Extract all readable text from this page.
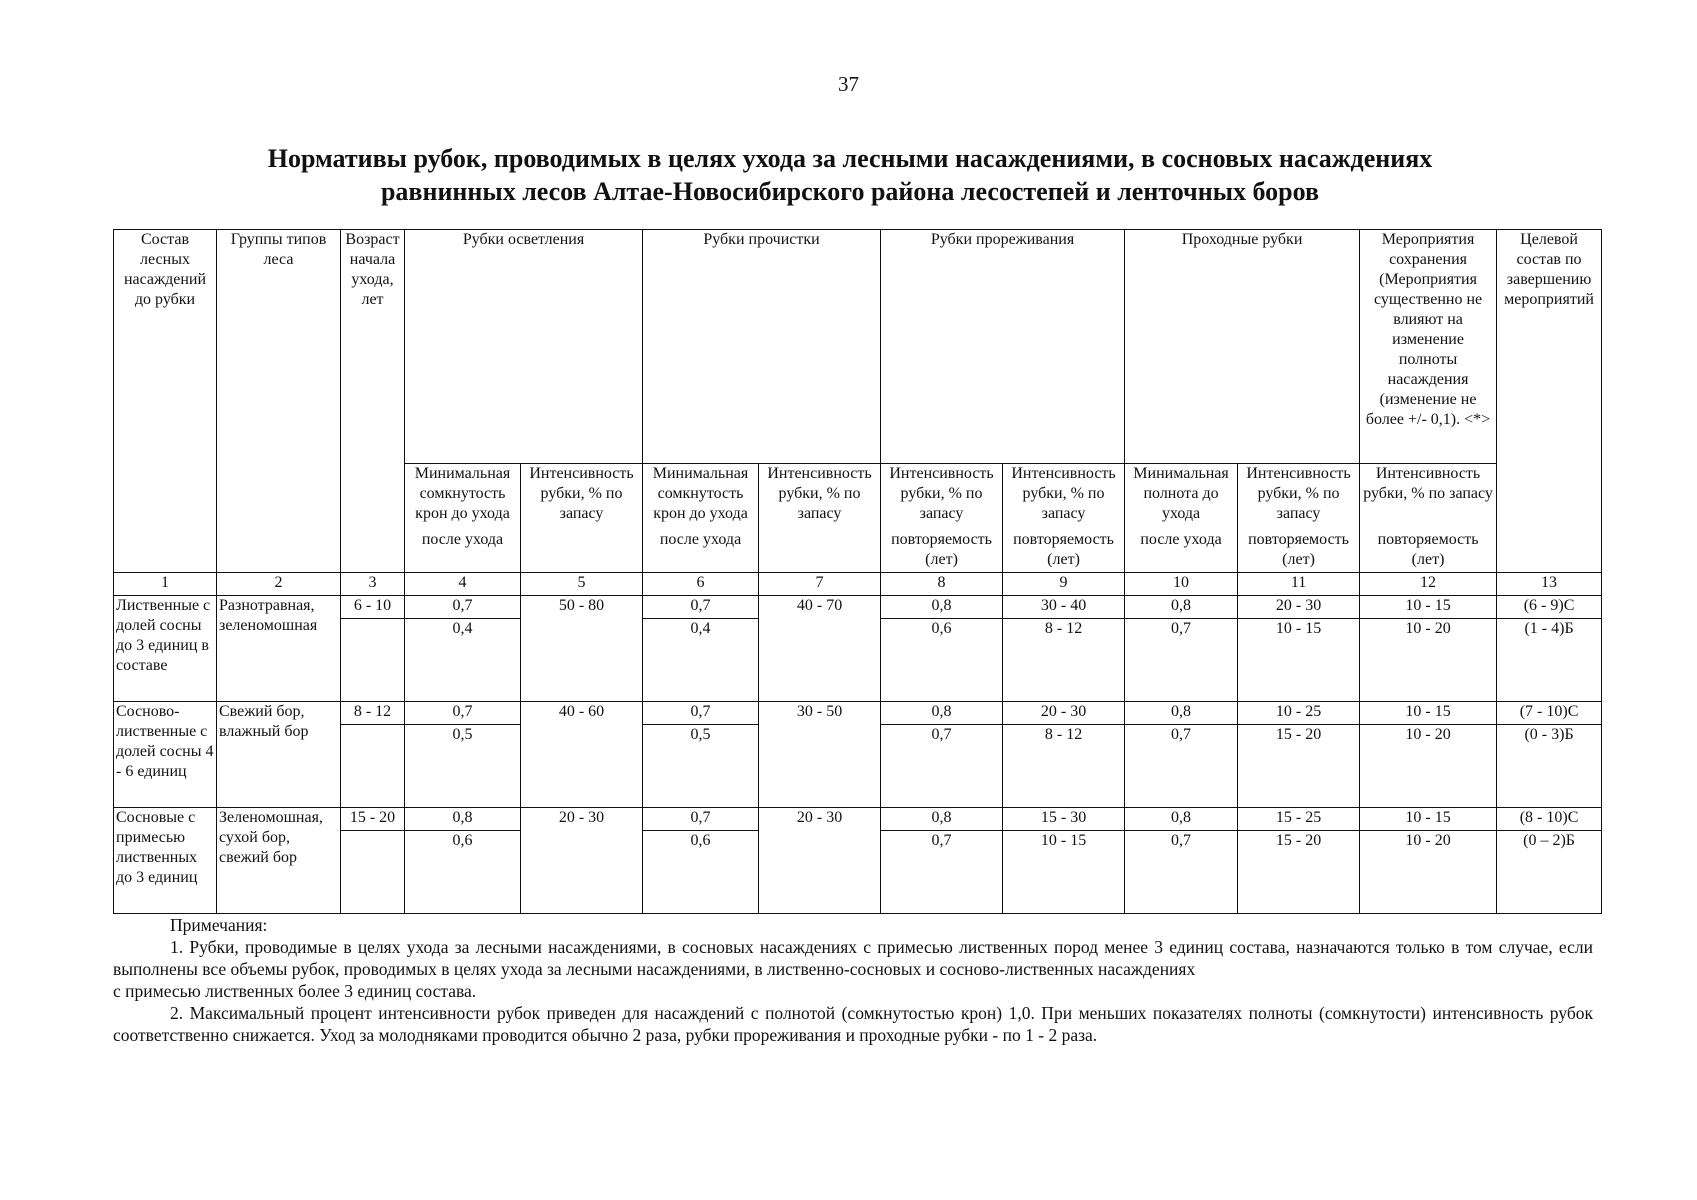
37
Нормативы рубок, проводимых в целях ухода за лесными насаждениями, в сосновых насаждениях
равнинных лесов Алтае-Новосибирского района лесостепей и ленточных боров
Состав лесных насаждений до рубки	Группы типов леса	Возраст начала ухода, лет	Рубки осветления		Рубки прочистки		Рубки прореживания		Проходные рубки		Мероприятия сохранения (Мероприятия существенно не влияют на изменение полноты насаждения (изменение не более +/- 0,1). <*>	Целевой состав по завершению мероприятий
			Минимальная сомкнутость крон до ухода	Интенсивность рубки, % по запасу	Минимальная сомкнутость крон до ухода	Интенсивность рубки, % по запасу	Интенсивность рубки, % по запасу	Интенсивность рубки, % по запасу	Минимальная полнота до ухода	Интенсивность рубки, % по запасу	Интенсивность рубки, % по запасу	
			после ухода		после ухода		повторяемость (лет)	повторяемость (лет)	после ухода	повторяемость (лет)	повторяемость (лет)	
1	2	3	4	5	6	7	8	9	10	11	12	13
Лиственные с долей сосны до 3 единиц в составе	Разнотравная, зеленомошная	6 - 10	0,7	50 - 80	0,7	40 - 70	0,8	30 - 40	0,8	20 - 30	10 - 15	(6 - 9)С
			0,4		0,4		0,6	8 - 12	0,7	10 - 15	10 - 20	(1 - 4)Б
Сосново-лиственные с долей сосны 4 - 6 единиц	Свежий бор, влажный бор	8 - 12	0,7	40 - 60	0,7	30 - 50	0,8	20 - 30	0,8	10 - 25	10 - 15	(7 - 10)С
			0,5		0,5		0,7	8 - 12	0,7	15 - 20	10 - 20	(0 - 3)Б
Сосновые с примесью лиственных до 3 единиц	Зеленомошная, сухой бор, свежий бор	15 - 20	0,8	20 - 30	0,7	20 - 30	0,8	15 - 30	0,8	15 - 25	10 - 15	(8 - 10)С
			0,6		0,6		0,7	10 - 15	0,7	15 - 20	10 - 20	(0 – 2)Б

Примечания:

1. Рубки, проводимые в целях ухода за лесными насаждениями, в сосновых насаждениях с примесью лиственных пород менее 3 единиц состава, назначаются только в том случае, если выполнены все объемы рубок, проводимых в целях ухода за лесными насаждениями, в лиственно-сосновых и сосново-лиственных насаждениях

с примесью лиственных более 3 единиц состава.

2. Максимальный процент интенсивности рубок приведен для насаждений с полнотой (сомкнутостью крон) 1,0. При меньших показателях полноты (сомкнутости) интенсивность рубок соответственно снижается. Уход за молодняками проводится обычно 2 раза, рубки прореживания и проходные рубки - по 1 - 2 раза.
